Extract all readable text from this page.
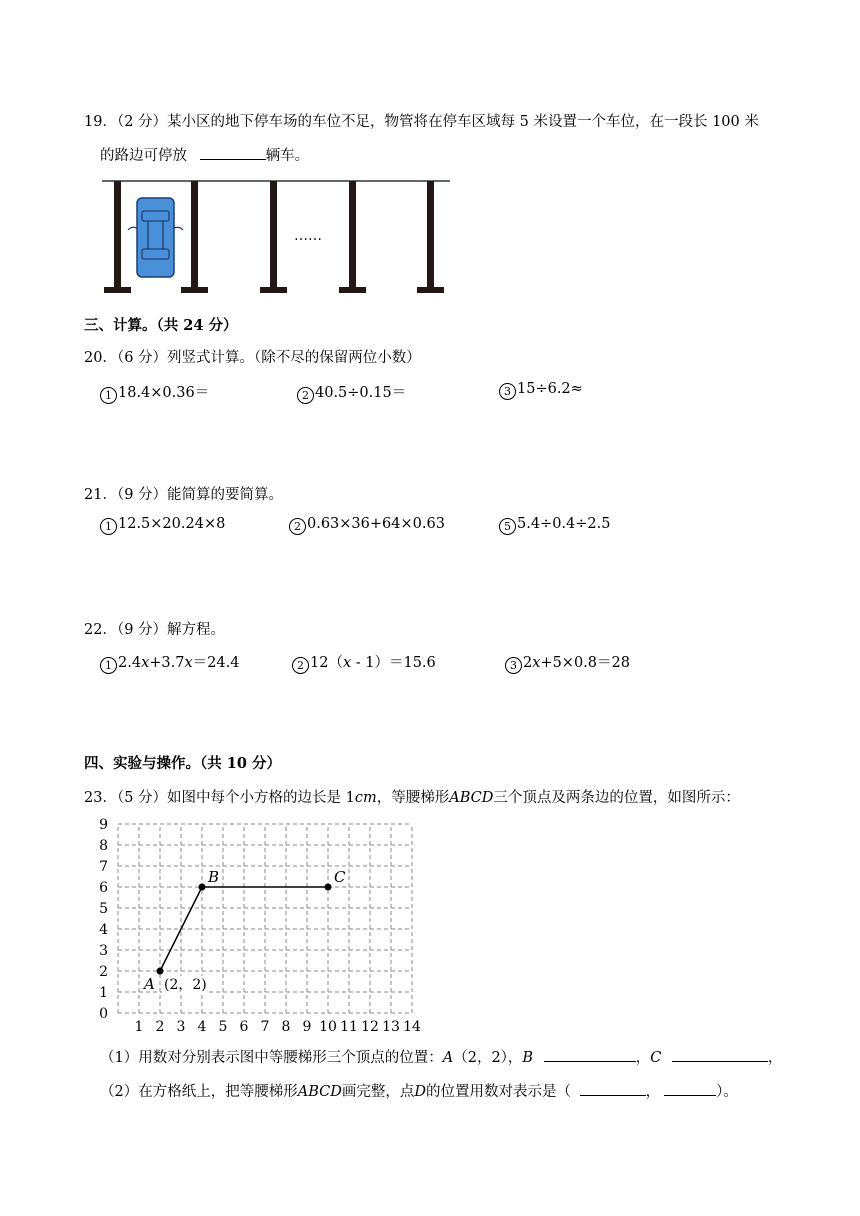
19．（2 分）某小区的地下停车场的车位不足，物管将在停车区域每 5 米设置一个车位，在一段长 100 米
的路边可停放	辆车。
……
三、计算。（共 24 分）
20．（6 分）列竖式计算。（除不尽的保留两位小数）
1 18.4×0.36＝	2 40.5÷0.15＝	3 15÷6.2≈
21．（9 分）能简算的要简算。
1 12.5×20.24×8	2 0.63×36+64×0.63	5 5.4÷0.4÷2.5
22．（9 分）解方程。
1 2.4x+3.7x＝24.4	2 12（x - 1）＝15.6	3 2x+5×0.8＝28
四、实验与操作。（共 10 分）
23．（5 分）如图中每个小方格的边长是 1cm，等腰梯形ABCD三个顶点及两条边的位置，如图所示：
0
1
2
3
4
5
6
7
8
9
1 2 3 4 5 6 7 8 9 10 11 12 13 14
A (2，2)
B	C
（1）用数对分别表示图中等腰梯形三个顶点的位置：A（2，2），B	，C	，
（2）在方格纸上，把等腰梯形ABCD画完整，点D的位置用数对表示是（	，	）。
